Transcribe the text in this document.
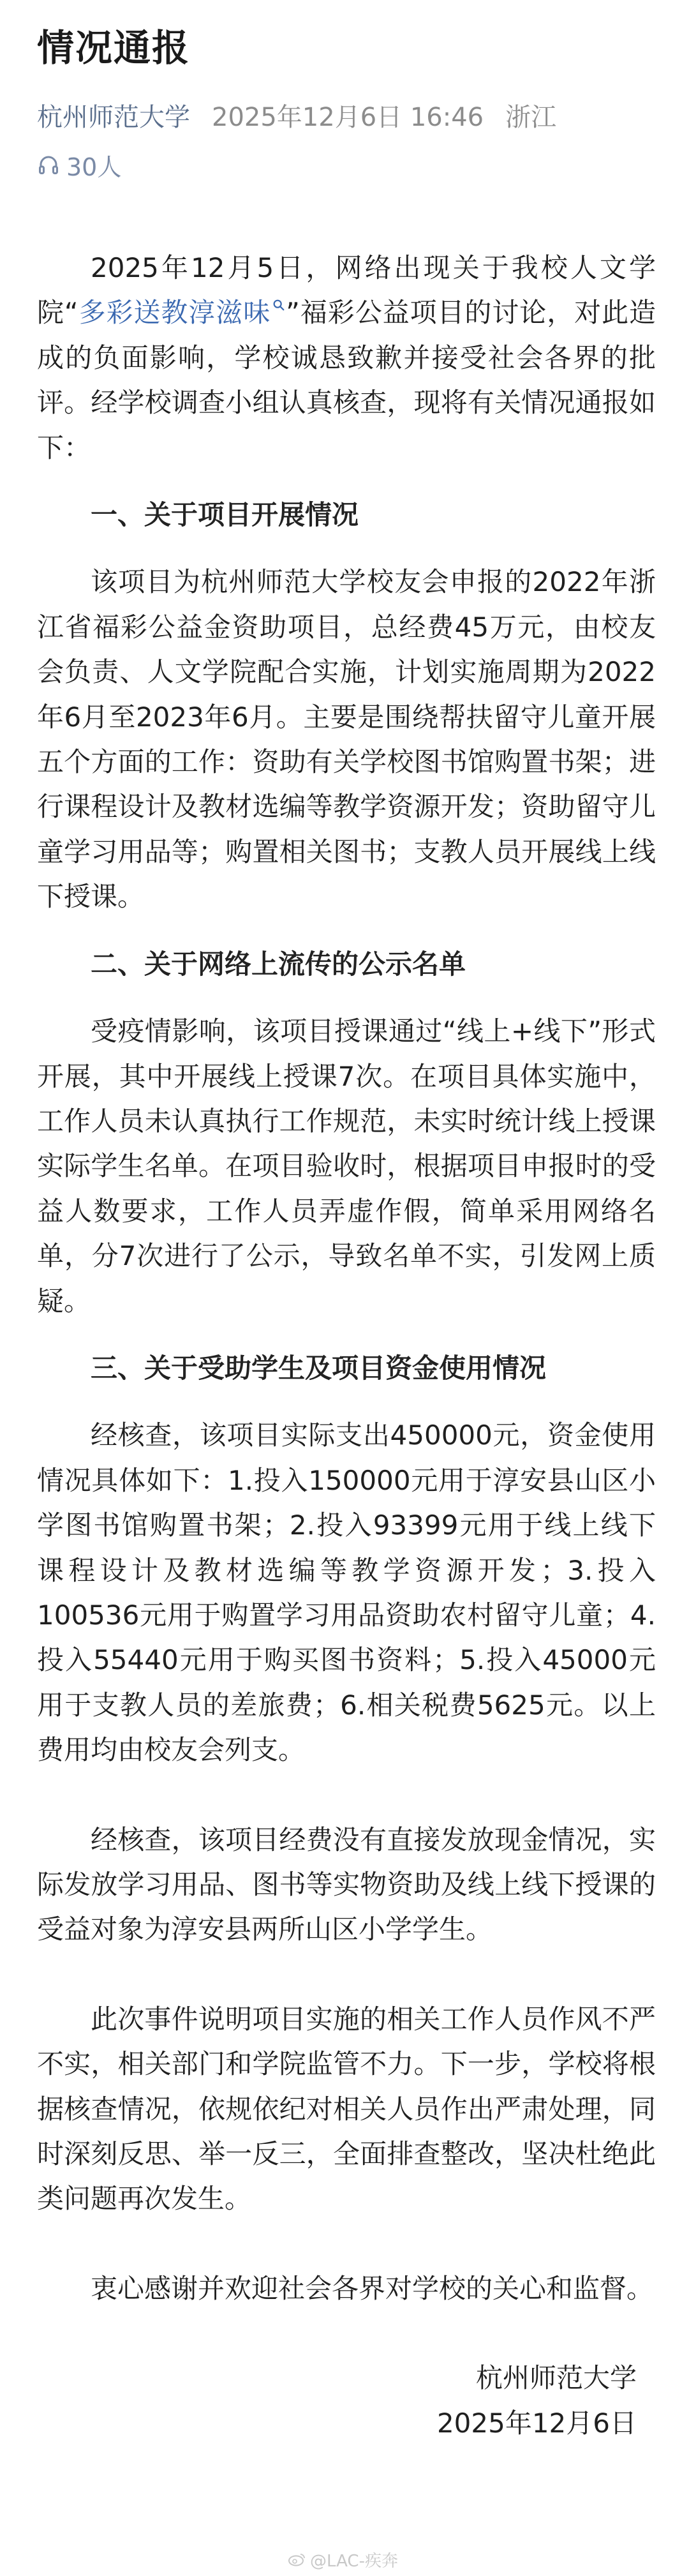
情况通报
杭州师范大学 2025年12月6日 16:46 浙江
30人

2025年12月5日，网络出现关于我校人文学院“多彩送教淳滋味 ”福彩公益项目的讨论，对此造成的负面影响，学校诚恳致歉并接受社会各界的批评。经学校调查小组认真核查，现将有关情况通报如下：

一、关于项目开展情况

该项目为杭州师范大学校友会申报的2022年浙江省福彩公益金资助项目，总经费45万元，由校友会负责、人文学院配合实施，计划实施周期为2022年6月至2023年6月。主要是围绕帮扶留守儿童开展五个方面的工作：资助有关学校图书馆购置书架；进行课程设计及教材选编等教学资源开发；资助留守儿童学习用品等；购置相关图书；支教人员开展线上线下授课。

二、关于网络上流传的公示名单

受疫情影响，该项目授课通过“线上+线下”形式开展，其中开展线上授课7次。在项目具体实施中，工作人员未认真执行工作规范，未实时统计线上授课实际学生名单。在项目验收时，根据项目申报时的受益人数要求，工作人员弄虚作假，简单采用网络名单，分7次进行了公示，导致名单不实，引发网上质疑。

三、关于受助学生及项目资金使用情况

经核查，该项目实际支出450000元，资金使用情况具体如下：1.投入150000元用于淳安县山区小学图书馆购置书架；2.投入93399元用于线上线下课程设计及教材选编等教学资源开发；3.投入100536元用于购置学习用品资助农村留守儿童；4.投入55440元用于购买图书资料；5.投入45000元用于支教人员的差旅费；6.相关税费5625元。以上费用均由校友会列支。

经核查，该项目经费没有直接发放现金情况，实际发放学习用品、图书等实物资助及线上线下授课的受益对象为淳安县两所山区小学学生。

此次事件说明项目实施的相关工作人员作风不严不实，相关部门和学院监管不力。下一步，学校将根据核查情况，依规依纪对相关人员作出严肃处理，同时深刻反思、举一反三，全面排查整改，坚决杜绝此类问题再次发生。

衷心感谢并欢迎社会各界对学校的关心和监督。

杭州师范大学

2025年12月6日

@LAC-疾奔
